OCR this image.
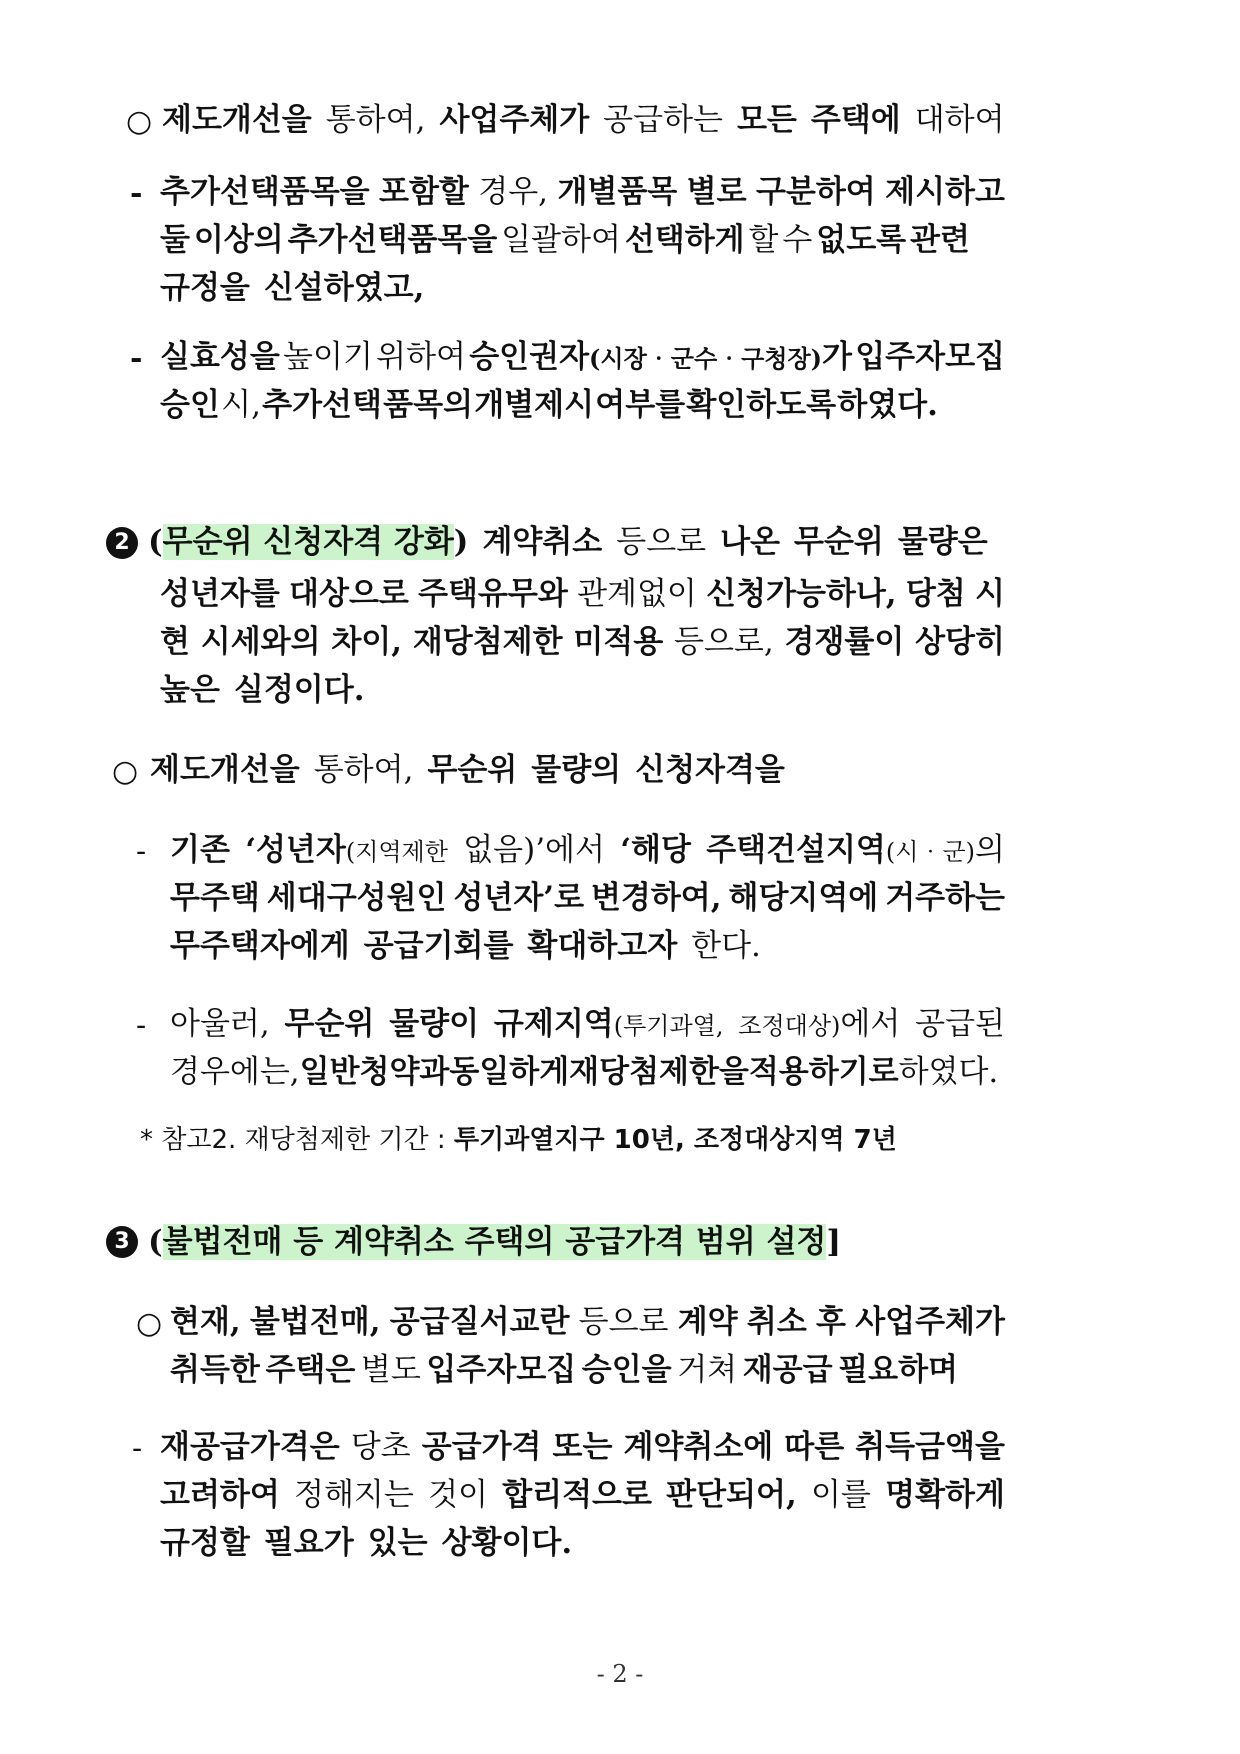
○ 제도개선을 통하여, 사업주체가 공급하는 모든 주택에 대하여
- 추가선택품목을 포함할 경우, 개별품목 별로 구분하여 제시하고
둘 이상의 추가선택품목을 일괄하여 선택하게 할 수 없도록 관련
규정을 신설하였고,
- 실효성을 높이기 위하여 승인권자(시장‧군수‧구청장)가 입주자모집
승인 시, 추가선택 품목의 개별제시 여부를 확인하도록 하였다.
2 (무순위 신청자격 강화) 계약취소 등으로 나온 무순위 물량은
성년자를 대상으로 주택유무와 관계없이 신청가능하나, 당첨 시
현 시세와의 차이, 재당첨제한 미적용 등으로, 경쟁률이 상당히
높은 실정이다.
○ 제도개선을 통하여, 무순위 물량의 신청자격을
- 기존 ‘성년자(지역제한 없음)’에서 ‘해당 주택건설지역(시‧군)의
무주택 세대구성원인 성년자’로 변경하여, 해당지역에 거주하는
무주택자에게 공급기회를 확대하고자 한다.
- 아울러, 무순위 물량이 규제지역(투기과열, 조정대상)에서 공급된
경우에는, 일반청약과 동일하게 재당첨제한을 적용하기로 하였다.
* 참고2. 재당첨제한 기간 : 투기과열지구 10년, 조정대상지역 7년
3 (불법전매 등 계약취소 주택의 공급가격 범위 설정]
○ 현재, 불법전매, 공급질서교란 등으로 계약 취소 후 사업주체가
취득한 주택은 별도 입주자모집 승인을 거쳐 재공급 필요하며
- 재공급가격은 당초 공급가격 또는 계약취소에 따른 취득금액을
고려하여 정해지는 것이 합리적으로 판단되어, 이를 명확하게
규정할 필요가 있는 상황이다.
- 2 -
